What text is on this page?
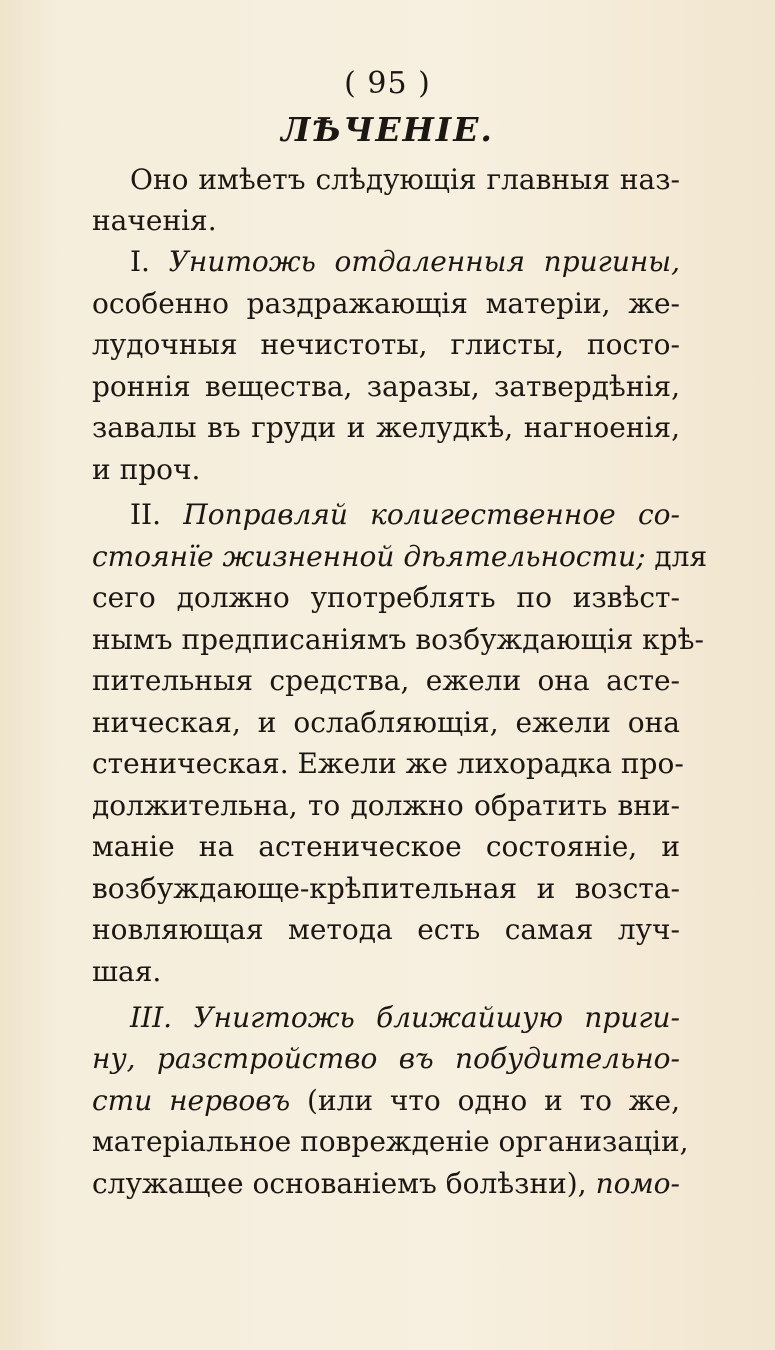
( 95 )
ЛѢЧЕНІЕ.
Оно имѣетъ слѣдующія главныя наз-
наченія.
I. Унитожь отдаленныя пригины,
особенно раздражающія матеріи, же-
лудочныя нечистоты, глисты, посто-
роннія вещества, заразы, затвердѣнія,
завалы въ груди и желудкѣ, нагноенія,
и проч.
II. Поправляй колигественное со-
стоянїе жизненной дѣятельности; для
сего должно употреблять по извѣст-
нымъ предписаніямъ возбуждающія крѣ-
пительныя средства, ежели она асте-
ническая, и ослабляющія, ежели она
стеническая. Ежели же лихорадка про-
должительна, то должно обратить вни-
маніе на астеническое состояніе, и
возбуждающе-крѣпительная и возста-
новляющая метода есть самая луч-
шая.
III. Унигтожь ближайшую пригu-
ну, разстройство въ побудительно-
сти нервовъ (или что одно и то же,
матеріальное поврежденіе организаціи,
служащее основаніемъ болѣзни), помо-
